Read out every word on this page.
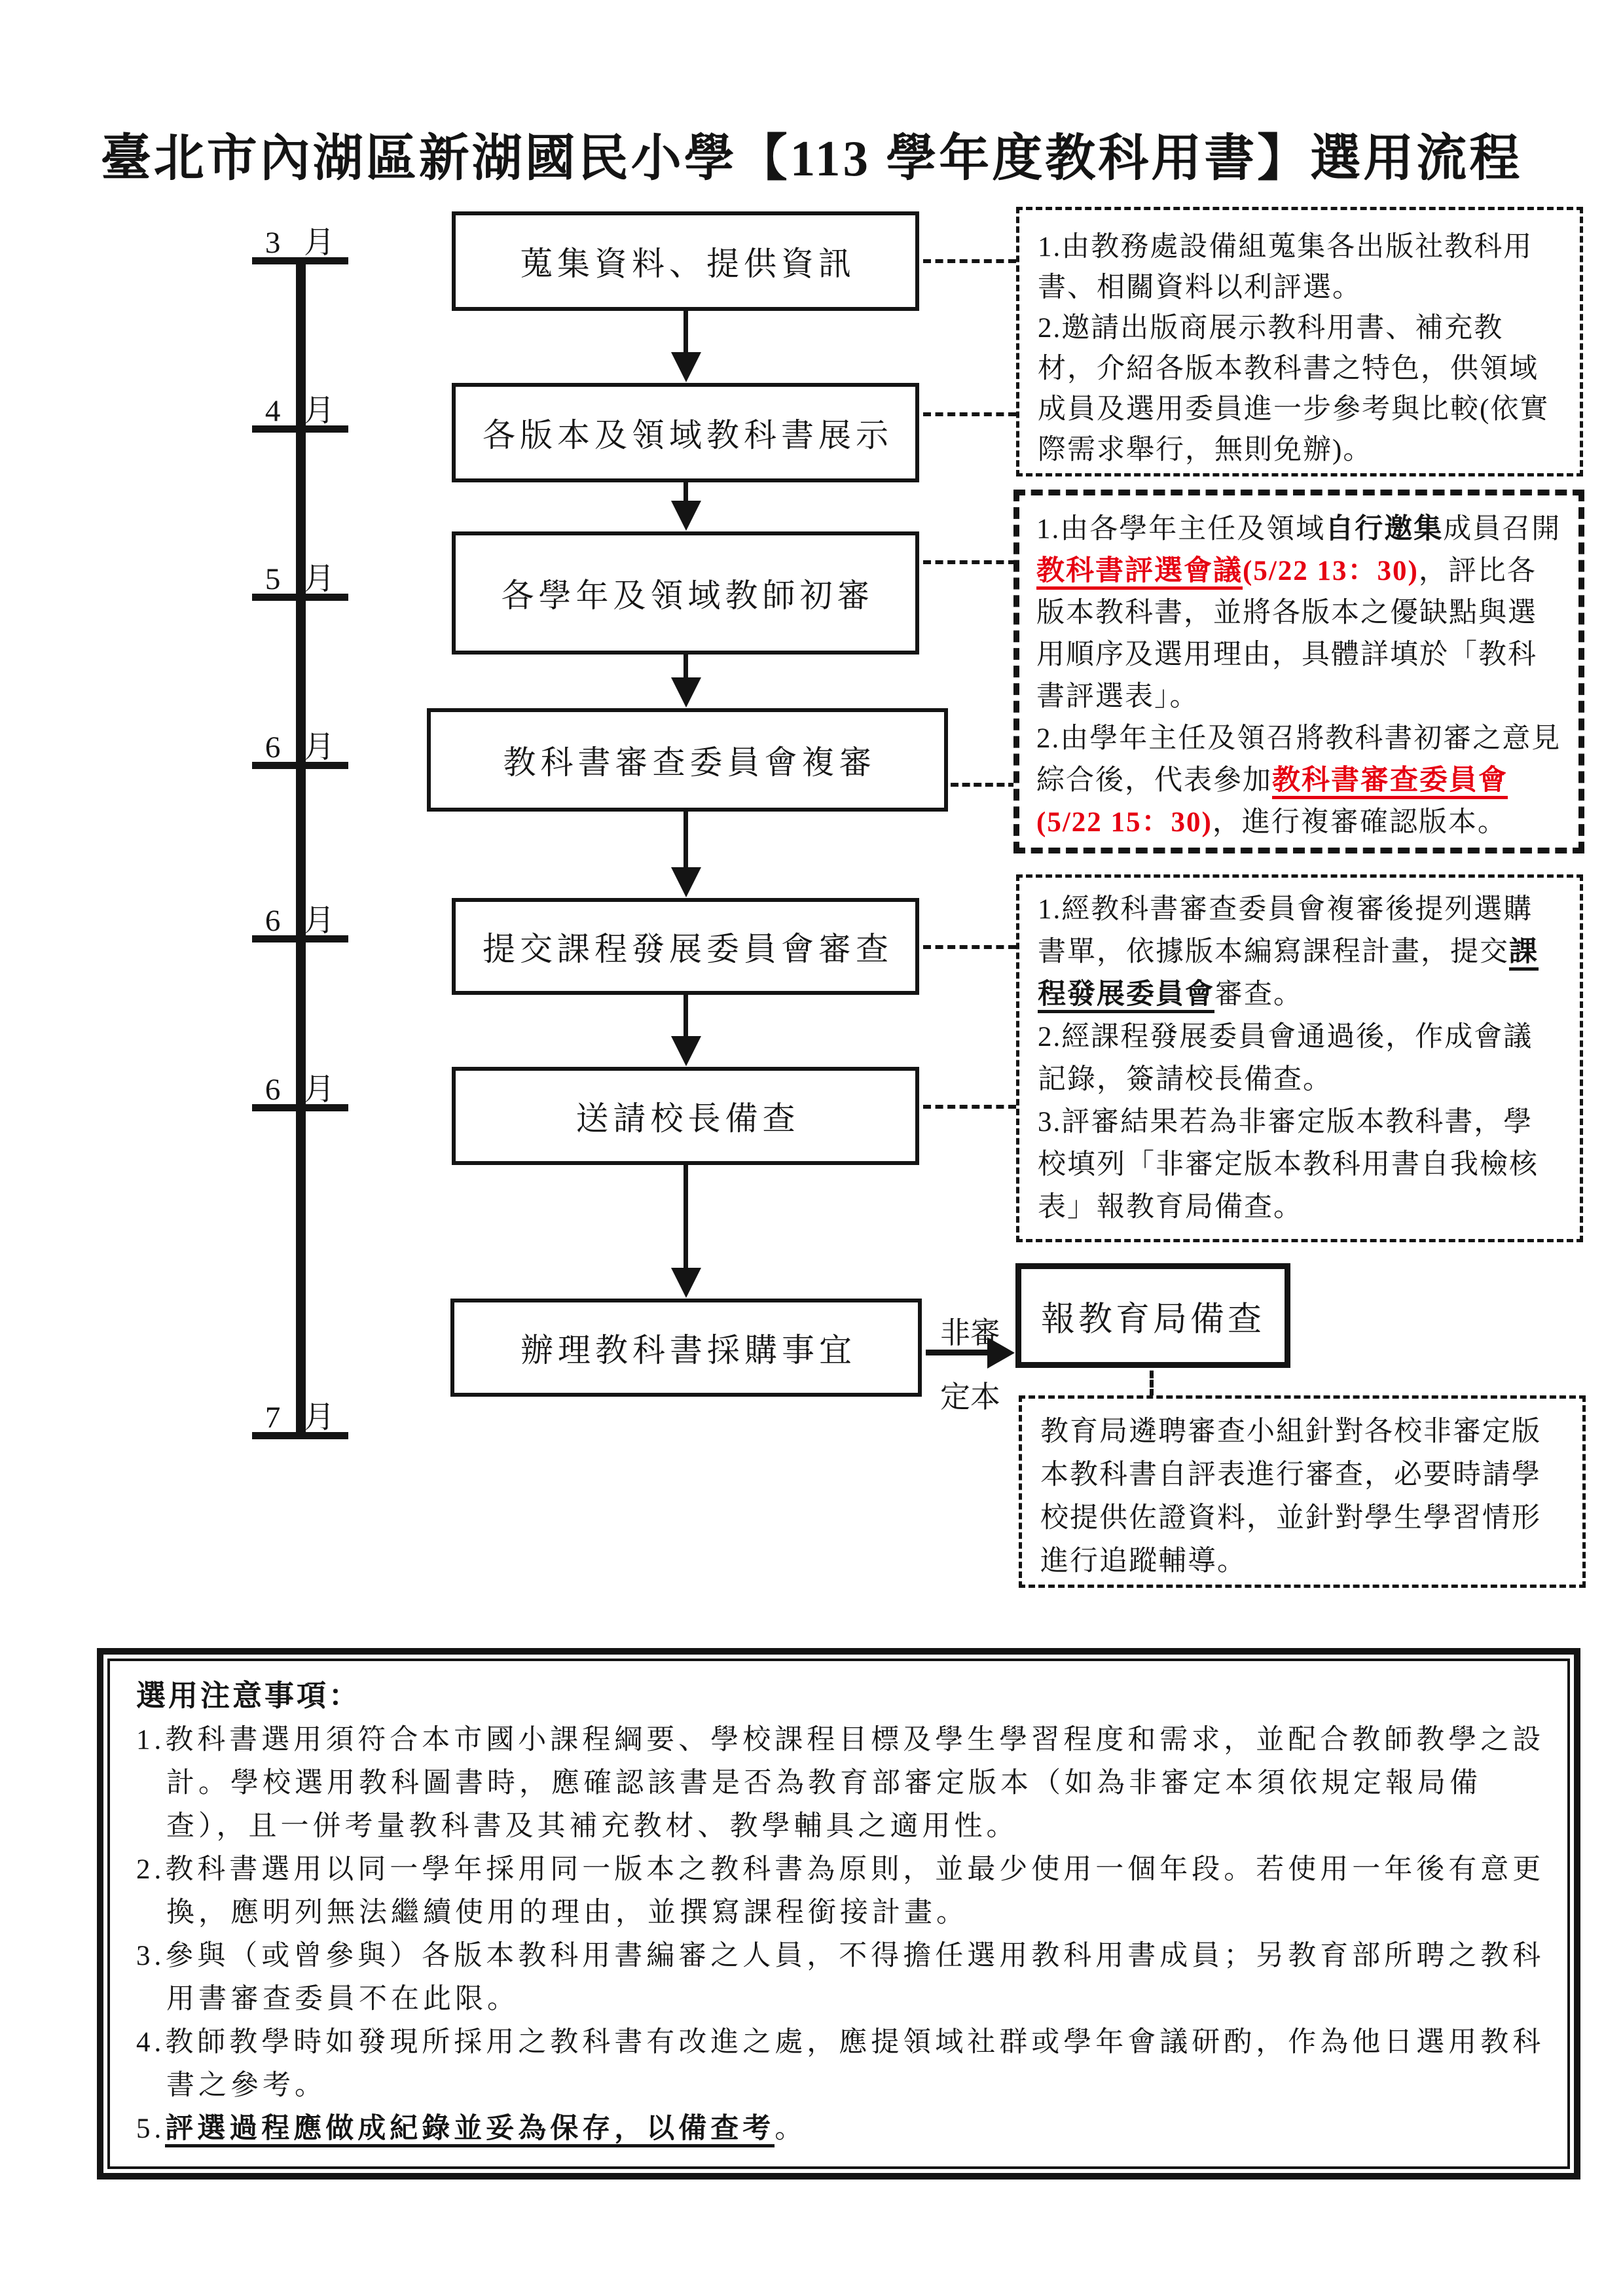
臺北市內湖區新湖國民小學【113 學年度教科用書】選用流程
3 月
4 月
5 月
6 月
6 月
6 月
7 月
蒐集資料、提供資訊
各版本及領域教科書展示
各學年及領域教師初審
教科書審查委員會複審
提交課程發展委員會審查
送請校長備查
辦理教科書採購事宜	非審
定本
報教育局備查
1.由教務處設備組蒐集各出版社教科用書、相關資料以利評選。
2.邀請出版商展示教科用書、補充教材，介紹各版本教科書之特色，供領域成員及選用委員進一步參考與比較(依實際需求舉行，無則免辦)。
1.由各學年主任及領域自行邀集成員召開教科書評選會議(5/22 13：30)，評比各版本教科書，並將各版本之優缺點與選用順序及選用理由，具體詳填於「教科書評選表」。
2.由學年主任及領召將教科書初審之意見綜合後，代表參加教科書審查委員會(5/22 15：30)，進行複審確認版本。
1.經教科書審查委員會複審後提列選購書單，依據版本編寫課程計畫，提交課程發展委員會審查。
2.經課程發展委員會通過後，作成會議記錄，簽請校長備查。
3.評審結果若為非審定版本教科書，學校填列「非審定版本教科用書自我檢核表」報教育局備查。
教育局遴聘審查小組針對各校非審定版本教科書自評表進行審查，必要時請學校提供佐證資料，並針對學生學習情形進行追蹤輔導。
選用注意事項：
1.教科書選用須符合本市國小課程綱要、學校課程目標及學生學習程度和需求，並配合教師教學之設計。學校選用教科圖書時，應確認該書是否為教育部審定版本（如為非審定本須依規定報局備查），且一併考量教科書及其補充教材、教學輔具之適用性。
2.教科書選用以同一學年採用同一版本之教科書為原則，並最少使用一個年段。若使用一年後有意更換，應明列無法繼續使用的理由，並撰寫課程銜接計畫。
3.參與（或曾參與）各版本教科用書編審之人員，不得擔任選用教科用書成員；另教育部所聘之教科用書審查委員不在此限。
4.教師教學時如發現所採用之教科書有改進之處，應提領域社群或學年會議研酌，作為他日選用教科書之參考。
5.評選過程應做成紀錄並妥為保存，以備查考。
